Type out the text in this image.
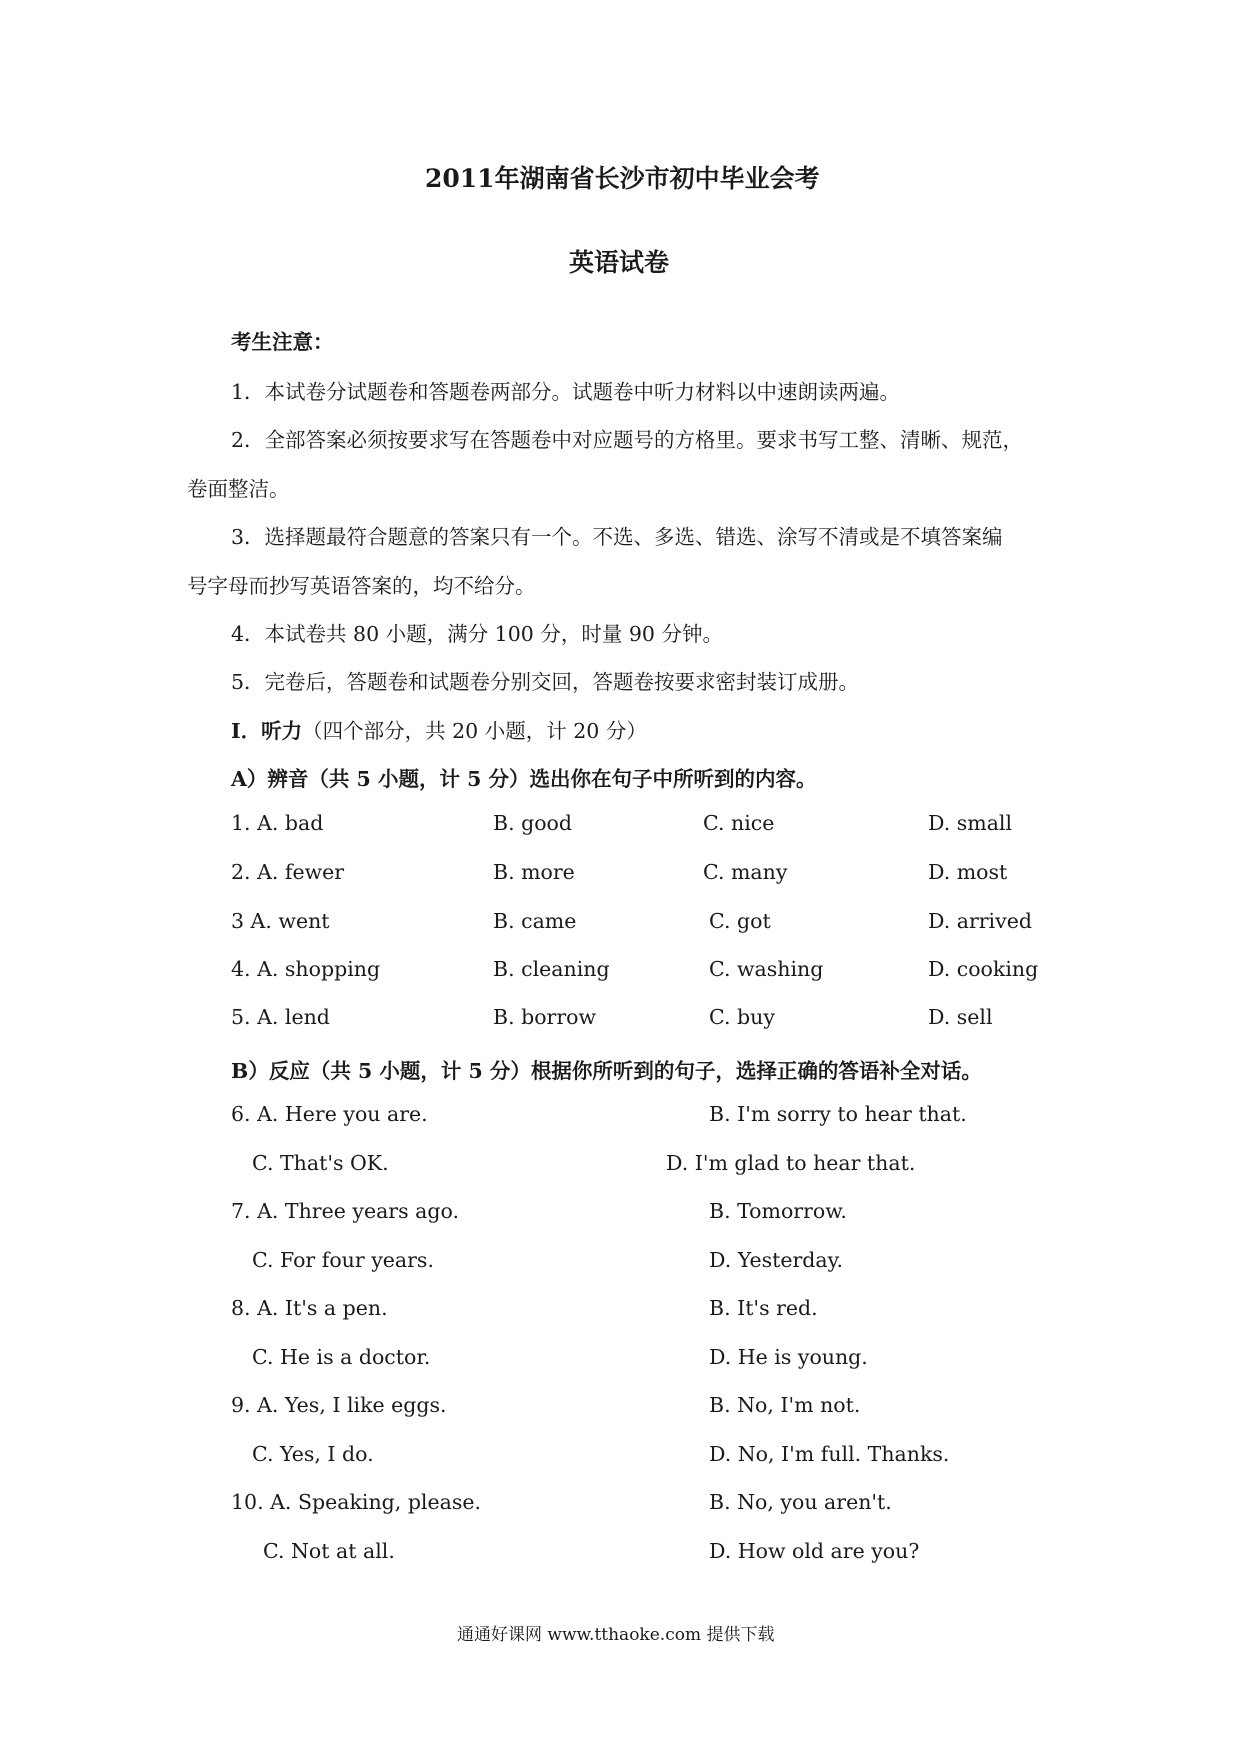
2011年湖南省长沙市初中毕业会考
英语试卷
考生注意：
1．本试卷分试题卷和答题卷两部分。试题卷中听力材料以中速朗读两遍。
2．全部答案必须按要求写在答题卷中对应题号的方格里。要求书写工整、清晰、规范，
卷面整洁。
3．选择题最符合题意的答案只有一个。不选、多选、错选、涂写不清或是不填答案编
号字母而抄写英语答案的，均不给分。
4．本试卷共 80 小题，满分 100 分，时量 90 分钟。
5．完卷后，答题卷和试题卷分别交回，答题卷按要求密封装订成册。
Ⅰ．听力（四个部分，共 20 小题，计 20 分）
A）辨音（共 5 小题，计 5 分）选出你在句子中所听到的内容。
1. A. bad	B. good	C. nice	D. small
2. A. fewer	B. more	C. many	D. most
3 A. went	B. came	C. got	D. arrived
4. A. shopping	B. cleaning	C. washing	D. cooking
5. A. lend	B. borrow	C. buy	D. sell
B）反应（共 5 小题，计 5 分）根据你所听到的句子，选择正确的答语补全对话。
6. A. Here you are.	B. I'm sorry to hear that.
C. That's OK.	D. I'm glad to hear that.
7. A. Three years ago.	B. Tomorrow.
C. For four years.	D. Yesterday.
8. A. It's a pen.	B. It's red.
C. He is a doctor.	D. He is young.
9. A. Yes, I like eggs.	B. No, I'm not.
C. Yes, I do.	D. No, I'm full. Thanks.
10. A. Speaking, please.	B. No, you aren't.
C. Not at all.	D. How old are you?
通通好课网 www.tthaoke.com 提供下载
